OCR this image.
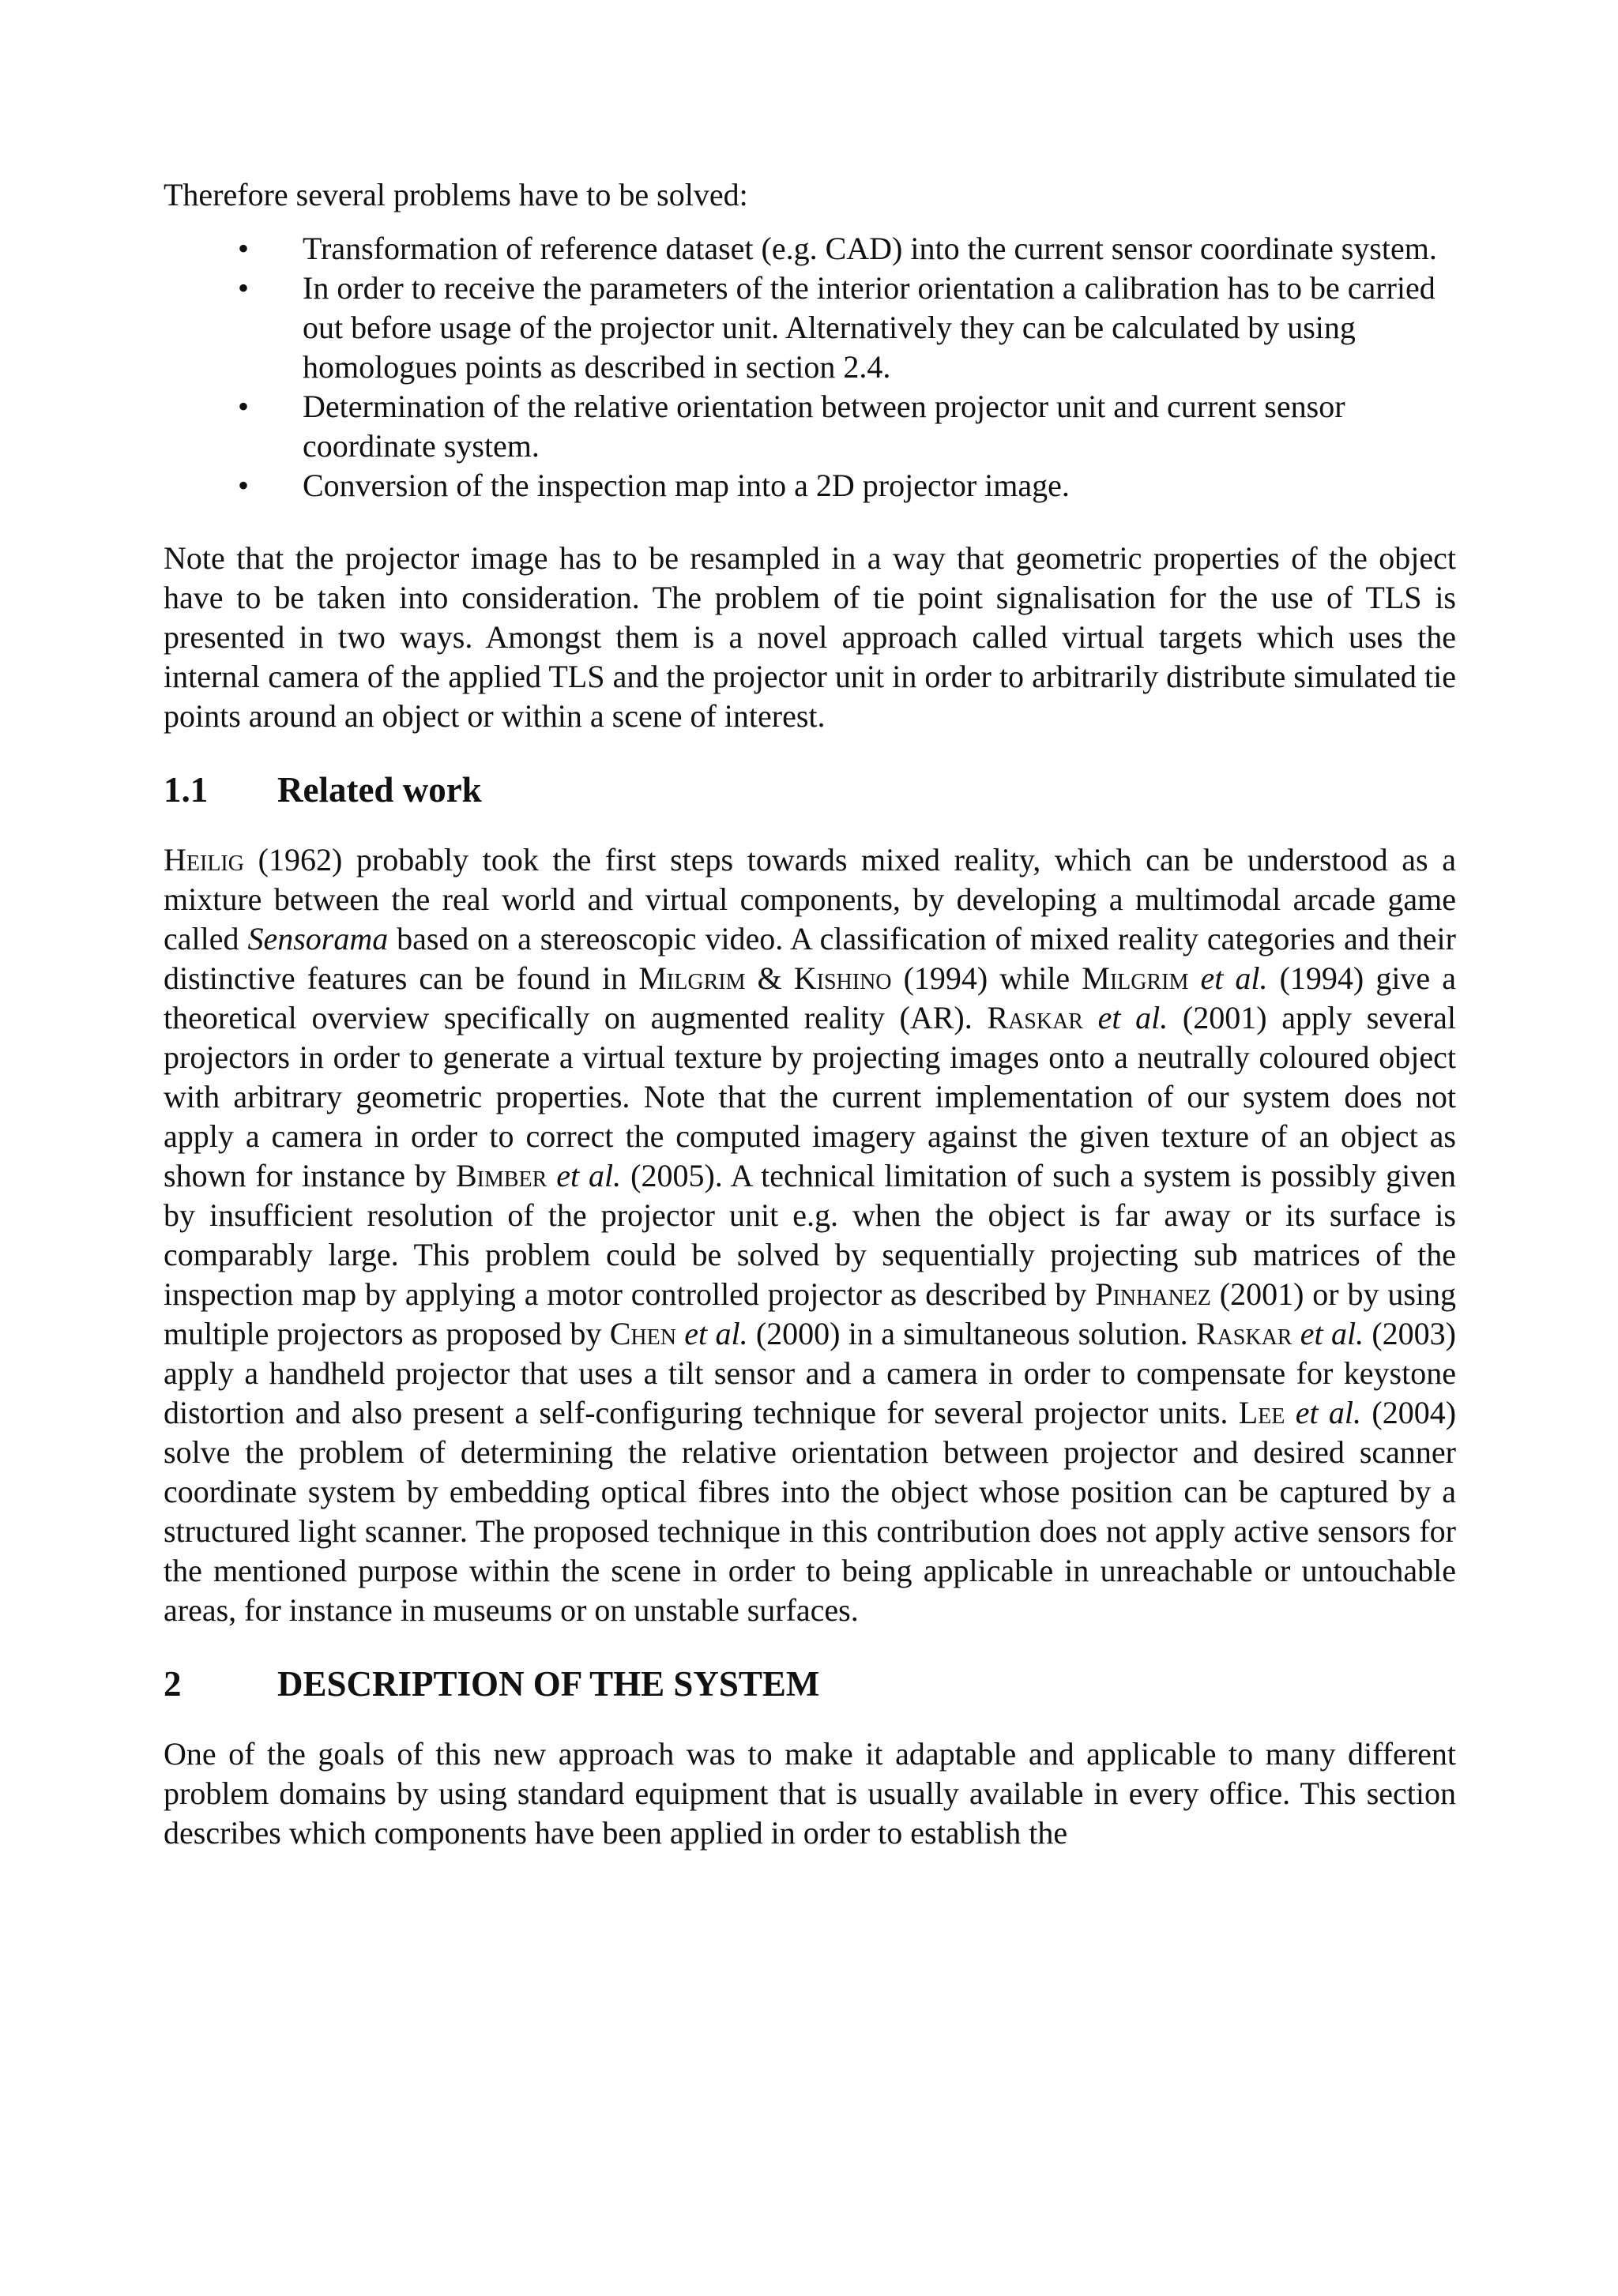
Therefore several problems have to be solved:

•	Transformation of reference dataset (e.g. CAD) into the current sensor coordinate system.
•	In order to receive the parameters of the interior orientation a calibration has to be carried out before usage of the projector unit. Alternatively they can be calculated by using homologues points as described in section 2.4.
•	Determination of the relative orientation between projector unit and current sensor coordinate system.
•	Conversion of the inspection map into a 2D projector image.

Note that the projector image has to be resampled in a way that geometric properties of the object have to be taken into consideration. The problem of tie point signalisation for the use of TLS is presented in two ways. Amongst them is a novel approach called virtual targets which uses the internal camera of the applied TLS and the projector unit in order to arbitrarily distribute simulated tie points around an object or within a scene of interest.

1.1 Related work

Heilig (1962) probably took the first steps towards mixed reality, which can be understood as a mixture between the real world and virtual components, by developing a multimodal arcade game called Sensorama based on a stereoscopic video. A classification of mixed reality categories and their distinctive features can be found in Milgrim & Kishino (1994) while Milgrim et al. (1994) give a theoretical overview specifically on augmented reality (AR). Raskar et al. (2001) apply several projectors in order to generate a virtual texture by projecting images onto a neutrally coloured object with arbitrary geometric properties. Note that the current implementation of our system does not apply a camera in order to correct the computed imagery against the given texture of an object as shown for instance by Bimber et al. (2005). A technical limitation of such a system is possibly given by insufficient resolution of the projector unit e.g. when the object is far away or its surface is comparably large. This problem could be solved by sequentially projecting sub matrices of the inspection map by applying a motor controlled projector as described by Pinhanez (2001) or by using multiple projectors as proposed by Chen et al. (2000) in a simultaneous solution. Raskar et al. (2003) apply a handheld projector that uses a tilt sensor and a camera in order to compensate for keystone distortion and also present a self-configuring technique for several projector units. Lee et al. (2004) solve the problem of determining the relative orientation between projector and desired scanner coordinate system by embedding optical fibres into the object whose position can be captured by a structured light scanner. The proposed technique in this contribution does not apply active sensors for the mentioned purpose within the scene in order to being applicable in unreachable or untouchable areas, for instance in museums or on unstable surfaces.

2	DESCRIPTION OF THE SYSTEM

One of the goals of this new approach was to make it adaptable and applicable to many different problem domains by using standard equipment that is usually available in every office. This section describes which components have been applied in order to establish the
